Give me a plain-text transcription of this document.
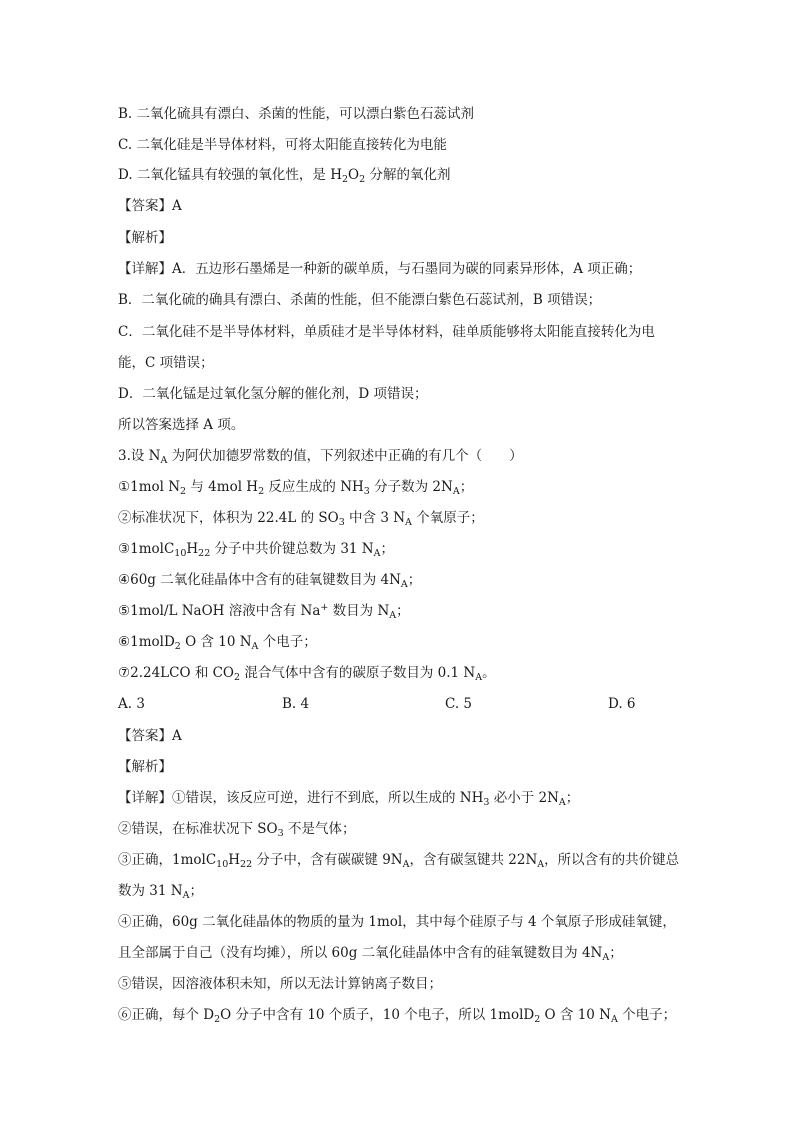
B. 二氧化硫具有漂白、杀菌的性能，可以漂白紫色石蕊试剂
C. 二氧化硅是半导体材料，可将太阳能直接转化为电能
D. 二氧化锰具有较强的氧化性，是 $H_2O_2$ 分解的氧化剂
【答案】A
【解析】
【详解】A．五边形石墨烯是一种新的碳单质，与石墨同为碳的同素异形体，A 项正确；
B．二氧化硫的确具有漂白、杀菌的性能，但不能漂白紫色石蕊试剂，B 项错误；
C．二氧化硅不是半导体材料，单质硅才是半导体材料，硅单质能够将太阳能直接转化为电
能，C 项错误；
D．二氧化锰是过氧化氢分解的催化剂，D 项错误；
所以答案选择 A 项。
3.设 $N_A$ 为阿伏加德罗常数的值，下列叙述中正确的有几个（　　）
①1mol $N_2$ 与 4mol $H_2$ 反应生成的 $NH_3$ 分子数为 $2N_A$；
②标准状况下，体积为 22.4L 的 $SO_3$ 中含 3 $N_A$ 个氧原子；
$③1molC_{10}H_{22}$ 分子中共价键总数为 31 $N_A$；
④60g 二氧化硅晶体中含有的硅氧键数目为 $4N_A$；
⑤1mol/L NaOH 溶液中含有 Na+ 数目为 $N_A$；
⑥1molD$_2$ O 含 10 $N_A$ 个电子；
⑦2.24LCO 和 $CO_2$ 混合气体中含有的碳原子数目为 0.1 $N_A$。
【答案】A
【解析】
【详解】①错误，该反应可逆，进行不到底，所以生成的 $NH_3$ 必小于 $2N_A$；
②错误，在标准状况下 $SO_3$ 不是气体；
③正确，$1molC_{10}H_{22}$ 分子中，含有碳碳键 $9N_A$，含有碳氢键共 $22N_A$，所以含有的共价键总
数为 31 $N_A$；
④正确，60g 二氧化硅晶体的物质的量为 1mol，其中每个硅原子与 4 个氧原子形成硅氧键，
且全部属于自己（没有均摊），所以 60g 二氧化硅晶体中含有的硅氧键数目为 $4N_A$；
⑤错误，因溶液体积未知，所以无法计算钠离子数目；
⑥正确，每个 $D_2O$ 分子中含有 10 个质子，10 个电子，所以 1molD$_2$ O 含 10 $N_A$ 个电子；
A. 3	B. 4	C. 5	D. 6
